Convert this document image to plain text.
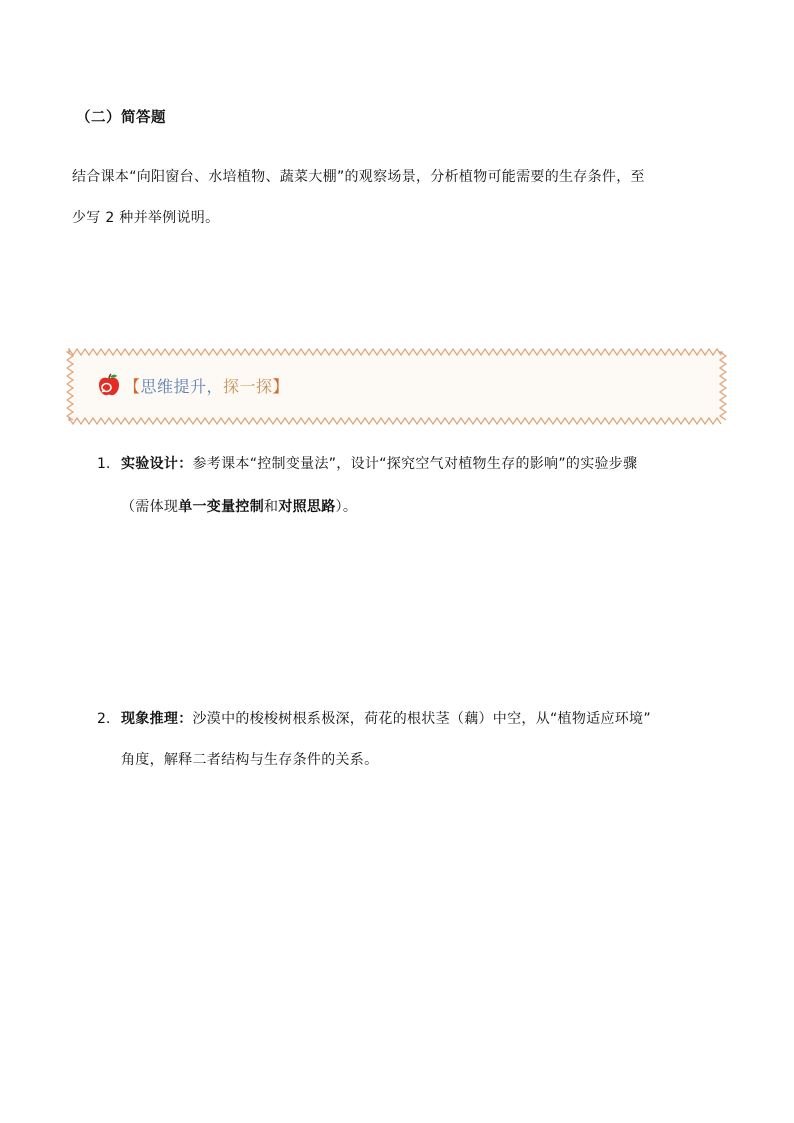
（二）简答题
结合课本“向阳窗台、水培植物、蔬菜大棚”的观察场景，分析植物可能需要的生存条件，至
少写 2 种并举例说明。
【 思维提升， 探一探 】
1. 实验设计：参考课本“控制变量法”，设计“探究空气对植物生存的影响”的实验步骤
（需体现单一变量控制和对照思路）。
2. 现象推理：沙漠中的梭梭树根系极深，荷花的根状茎（藕）中空，从“植物适应环境”
角度，解释二者结构与生存条件的关系。
